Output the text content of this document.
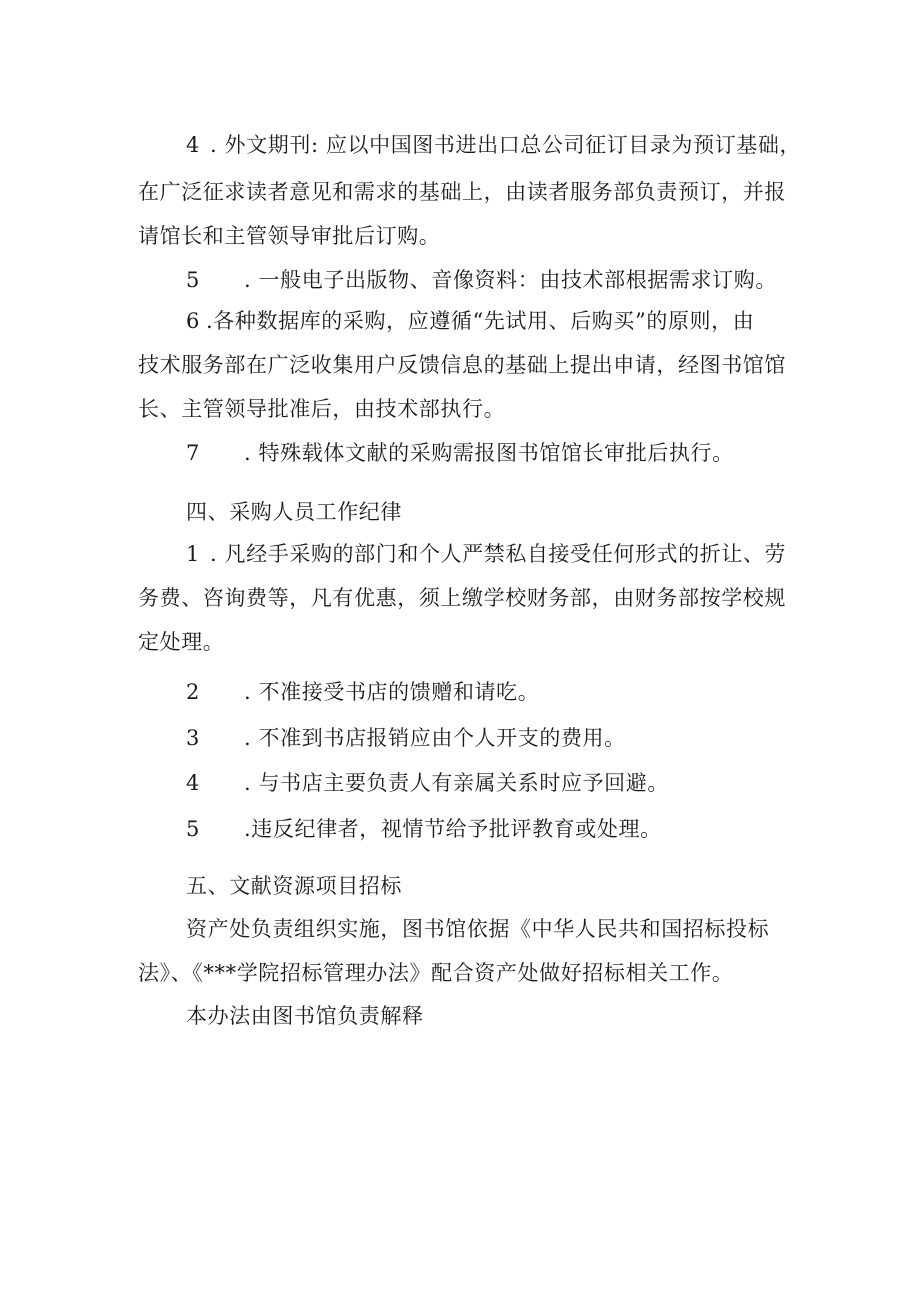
4 . 外文期刊: 应以中国图书进出口总公司征订目录为预订基础，
在广泛征求读者意见和需求的基础上，由读者服务部负责预订，并报
请馆长和主管领导审批后订购。
5 . 一般电子出版物、音像资料：由技术部根据需求订购。
6 .各种数据库的采购，应遵循“先试用、后购买”的原则，由
技术服务部在广泛收集用户反馈信息的基础上提出申请，经图书馆馆
长、主管领导批准后，由技术部执行。
7 . 特殊载体文献的采购需报图书馆馆长审批后执行。
四、采购人员工作纪律
1 . 凡经手采购的部门和个人严禁私自接受任何形式的折让、劳
务费、咨询费等，凡有优惠，须上缴学校财务部，由财务部按学校规
定处理。
2 . 不准接受书店的馈赠和请吃。
3 . 不准到书店报销应由个人开支的费用。
4 . 与书店主要负责人有亲属关系时应予回避。
5 .违反纪律者，视情节给予批评教育或处理。
五、文献资源项目招标
资产处负责组织实施，图书馆依据《中华人民共和国招标投标
法》、《***学院招标管理办法》配合资产处做好招标相关工作。
本办法由图书馆负责解释
